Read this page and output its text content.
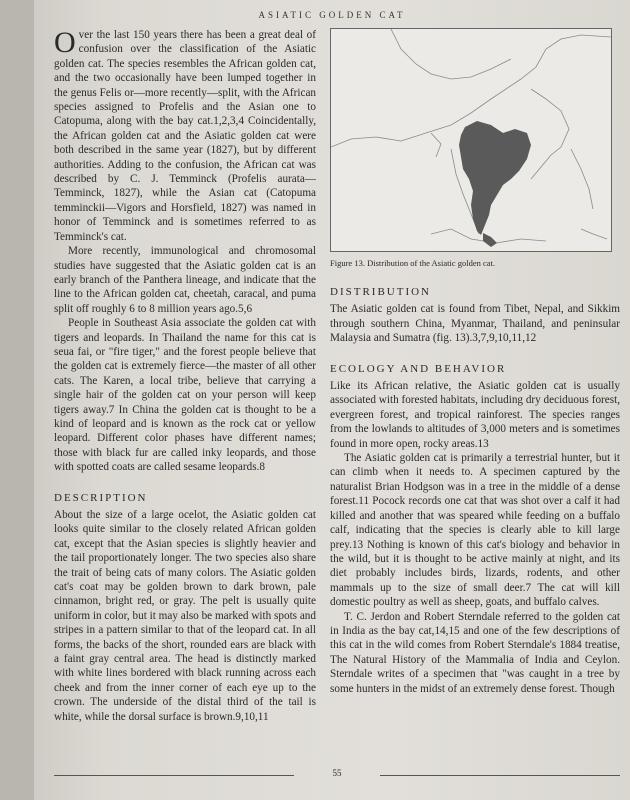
ASIATIC GOLDEN CAT

Over the last 150 years there has been a great deal of confusion over the classification of the Asiatic golden cat. The species resembles the African golden cat, and the two occasionally have been lumped together in the genus Felis or—more recently—split, with the African species assigned to Profelis and the Asian one to Catopuma, along with the bay cat.1,2,3,4 Coincidentally, the African golden cat and the Asiatic golden cat were both described in the same year (1827), but by different authorities. Adding to the confusion, the African cat was described by C. J. Temminck (Profelis aurata—Temminck, 1827), while the Asian cat (Catopuma temminckii—Vigors and Horsfield, 1827) was named in honor of Temminck and is sometimes referred to as Temminck's cat.

More recently, immunological and chromosomal studies have suggested that the Asiatic golden cat is an early branch of the Panthera lineage, and indicate that the line to the African golden cat, cheetah, caracal, and puma split off roughly 6 to 8 million years ago.5,6

People in Southeast Asia associate the golden cat with tigers and leopards. In Thailand the name for this cat is seua fai, or "fire tiger," and the forest people believe that the golden cat is extremely fierce—the master of all other cats. The Karen, a local tribe, believe that carrying a single hair of the golden cat on your person will keep tigers away.7 In China the golden cat is thought to be a kind of leopard and is known as the rock cat or yellow leopard. Different color phases have different names; those with black fur are called inky leopards, and those with spotted coats are called sesame leopards.8

DESCRIPTION

About the size of a large ocelot, the Asiatic golden cat looks quite similar to the closely related African golden cat, except that the Asian species is slightly heavier and the tail proportionately longer. The two species also share the trait of being cats of many colors. The Asiatic golden cat's coat may be golden brown to dark brown, pale cinnamon, bright red, or gray. The pelt is usually quite uniform in color, but it may also be marked with spots and stripes in a pattern similar to that of the leopard cat. In all forms, the backs of the short, rounded ears are black with a faint gray central area. The head is distinctly marked with white lines bordered with black running across each cheek and from the inner corner of each eye up to the crown. The underside of the distal third of the tail is white, while the dorsal surface is brown.9,10,11

Figure 13. Distribution of the Asiatic golden cat.
DISTRIBUTION

The Asiatic golden cat is found from Tibet, Nepal, and Sikkim through southern China, Myanmar, Thailand, and peninsular Malaysia and Sumatra (fig. 13).3,7,9,10,11,12

ECOLOGY AND BEHAVIOR

Like its African relative, the Asiatic golden cat is usually associated with forested habitats, including dry deciduous forest, evergreen forest, and tropical rainforest. The species ranges from the lowlands to altitudes of 3,000 meters and is sometimes found in more open, rocky areas.13

The Asiatic golden cat is primarily a terrestrial hunter, but it can climb when it needs to. A specimen captured by the naturalist Brian Hodgson was in a tree in the middle of a dense forest.11 Pocock records one cat that was shot over a calf it had killed and another that was speared while feeding on a buffalo calf, indicating that the species is clearly able to kill large prey.13 Nothing is known of this cat's biology and behavior in the wild, but it is thought to be active mainly at night, and its diet probably includes birds, lizards, rodents, and other mammals up to the size of small deer.7 The cat will kill domestic poultry as well as sheep, goats, and buffalo calves.

T. C. Jerdon and Robert Sterndale referred to the golden cat in India as the bay cat,14,15 and one of the few descriptions of this cat in the wild comes from Robert Sterndale's 1884 treatise, The Natural History of the Mammalia of India and Ceylon. Sterndale writes of a specimen that "was caught in a tree by some hunters in the midst of an extremely dense forest. Though

55
